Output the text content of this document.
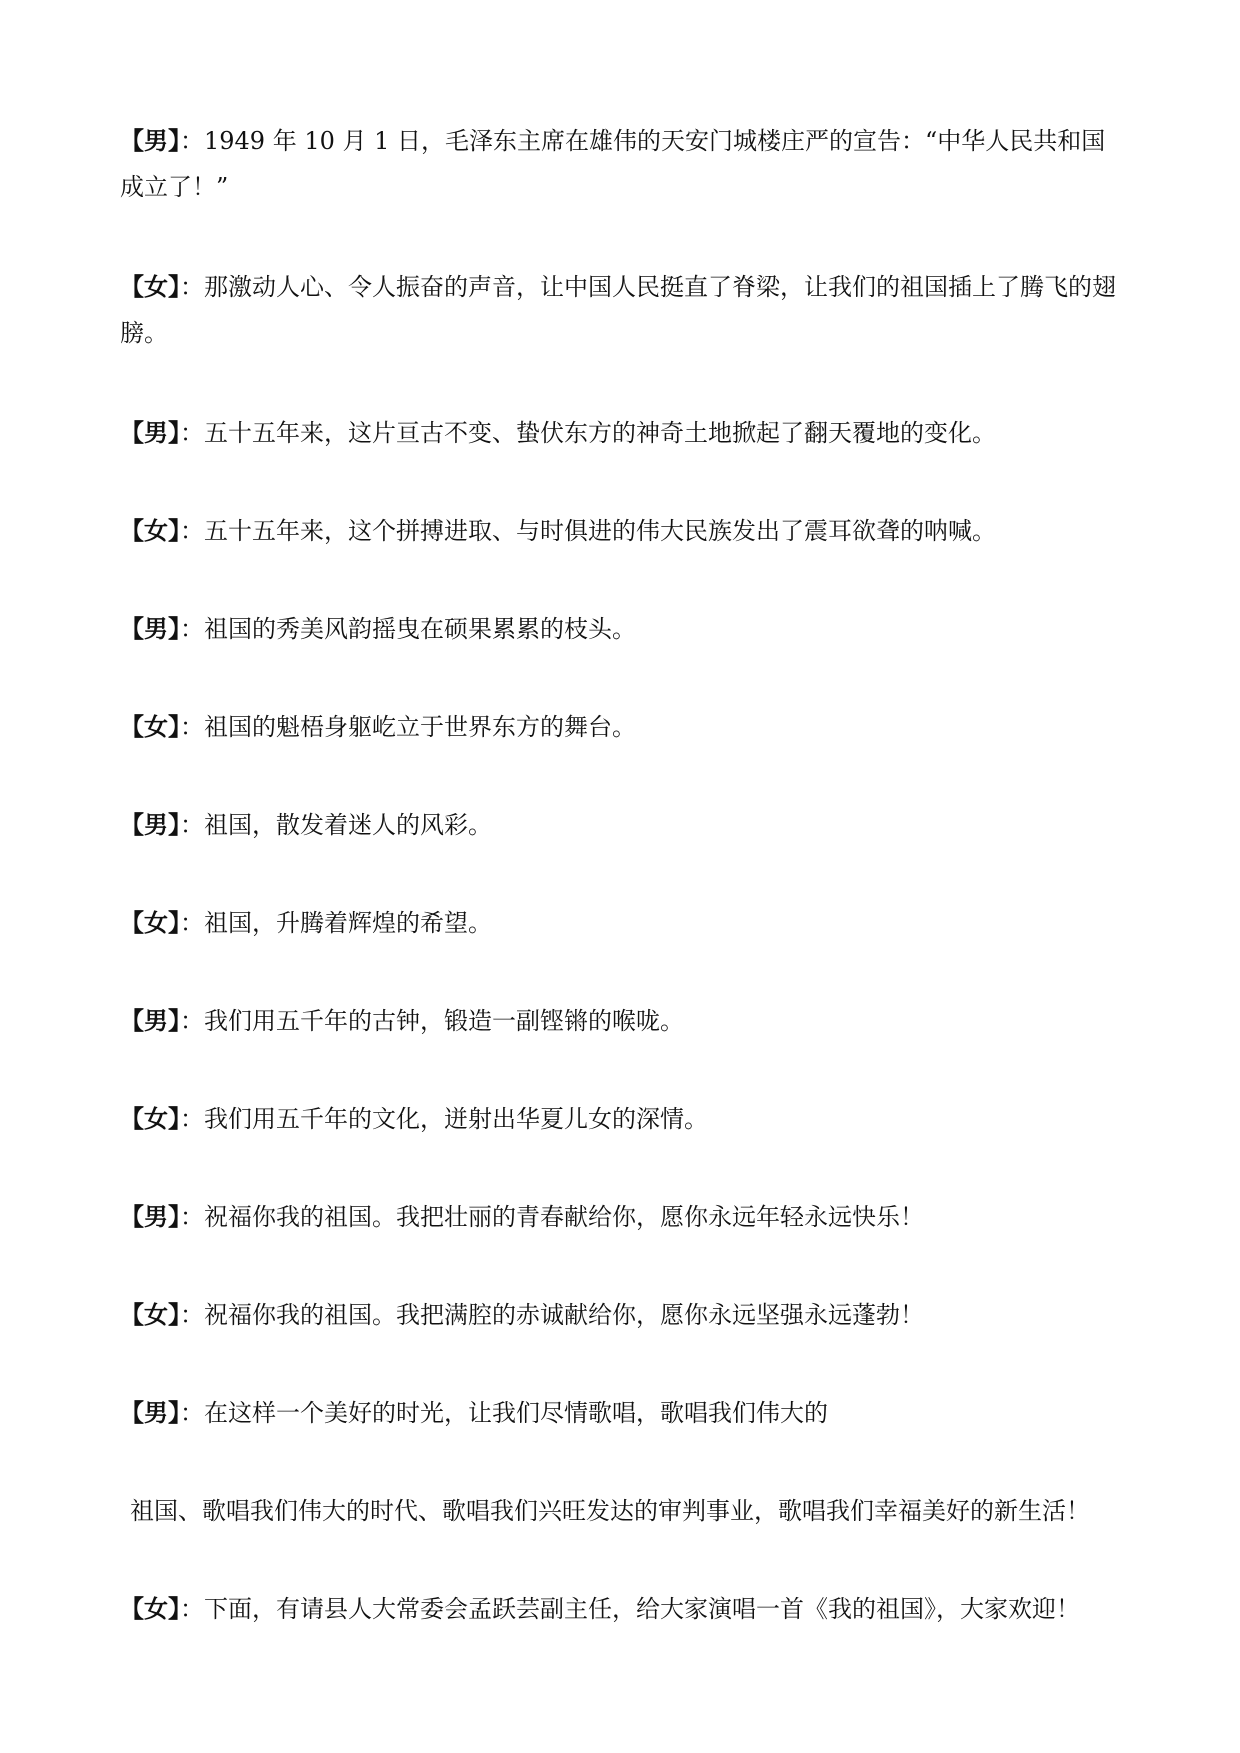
【男】：1949 年 10 月 1 日，毛泽东主席在雄伟的天安门城楼庄严的宣告：“中华人民共和国成立了！”

【女】：那激动人心、令人振奋的声音，让中国人民挺直了脊梁，让我们的祖国插上了腾飞的翅膀。

【男】：五十五年来，这片亘古不变、蛰伏东方的神奇土地掀起了翻天覆地的变化。

【女】：五十五年来，这个拼搏进取、与时俱进的伟大民族发出了震耳欲聋的呐喊。

【男】：祖国的秀美风韵摇曳在硕果累累的枝头。

【女】：祖国的魁梧身躯屹立于世界东方的舞台。

【男】：祖国，散发着迷人的风彩。

【女】：祖国，升腾着辉煌的希望。

【男】：我们用五千年的古钟，锻造一副铿锵的喉咙。

【女】：我们用五千年的文化，迸射出华夏儿女的深情。

【男】：祝福你我的祖国。我把壮丽的青春献给你，愿你永远年轻永远快乐！

【女】：祝福你我的祖国。我把满腔的赤诚献给你，愿你永远坚强永远蓬勃！

【男】：在这样一个美好的时光，让我们尽情歌唱，歌唱我们伟大的

祖国、歌唱我们伟大的时代、歌唱我们兴旺发达的审判事业，歌唱我们幸福美好的新生活！

【女】：下面，有请县人大常委会孟跃芸副主任，给大家演唱一首《我的祖国》，大家欢迎！
